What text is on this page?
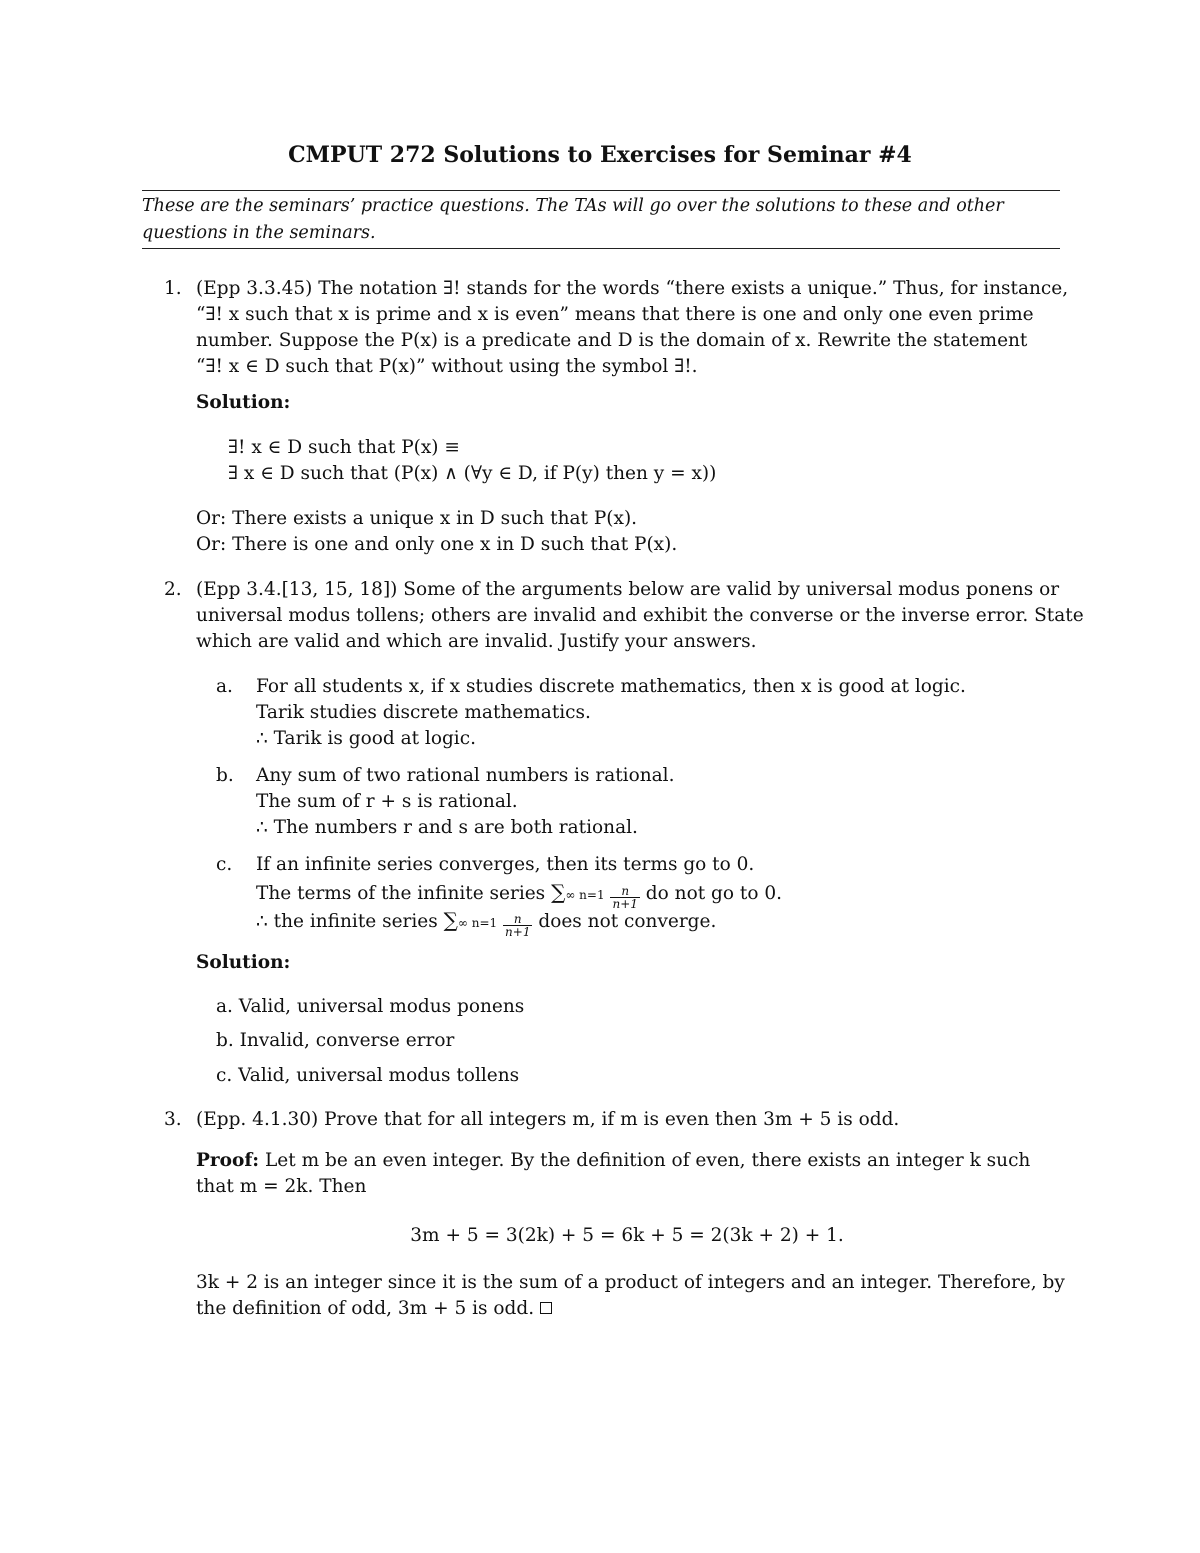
CMPUT 272 Solutions to Exercises for Seminar #4
These are the seminars’ practice questions. The TAs will go over the solutions to these and other questions in the seminars.
1. (Epp 3.3.45) The notation ∃! stands for the words “there exists a unique.” Thus, for instance,
“∃! x such that x is prime and x is even” means that there is one and only one even prime
number. Suppose the P(x) is a predicate and D is the domain of x. Rewrite the statement
“∃! x ∈ D such that P(x)” without using the symbol ∃!.
Solution:
∃! x ∈ D such that P(x) ≡
∃ x ∈ D such that (P(x) ∧ (∀y ∈ D, if P(y) then y = x))
Or: There exists a unique x in D such that P(x).
Or: There is one and only one x in D such that P(x).
2. (Epp 3.4.[13, 15, 18]) Some of the arguments below are valid by universal modus ponens or
universal modus tollens; others are invalid and exhibit the converse or the inverse error. State
which are valid and which are invalid. Justify your answers.
a. For all students x, if x studies discrete mathematics, then x is good at logic.
Tarik studies discrete mathematics.
∴ Tarik is good at logic.
b. Any sum of two rational numbers is rational.
The sum of r + s is rational.
∴ The numbers r and s are both rational.
c. If an infinite series converges, then its terms go to 0.
The terms of the infinite series ∑∞ $n=1 \frac{n}{n+1}$ do not go to 0.
∴ the infinite series ∑∞ $n=1 \frac{n}{n+1}$ does not converge.
Solution:
a. Valid, universal modus ponens
b. Invalid, converse error
c. Valid, universal modus tollens
3. (Epp. 4.1.30) Prove that for all integers m, if m is even then 3m + 5 is odd.
Proof: Let m be an even integer. By the definition of even, there exists an integer k such
that m = 2k. Then
3m + 5 = 3(2k) + 5 = 6k + 5 = 2(3k + 2) + 1.
3k + 2 is an integer since it is the sum of a product of integers and an integer. Therefore, by
the definition of odd, 3m + 5 is odd.
